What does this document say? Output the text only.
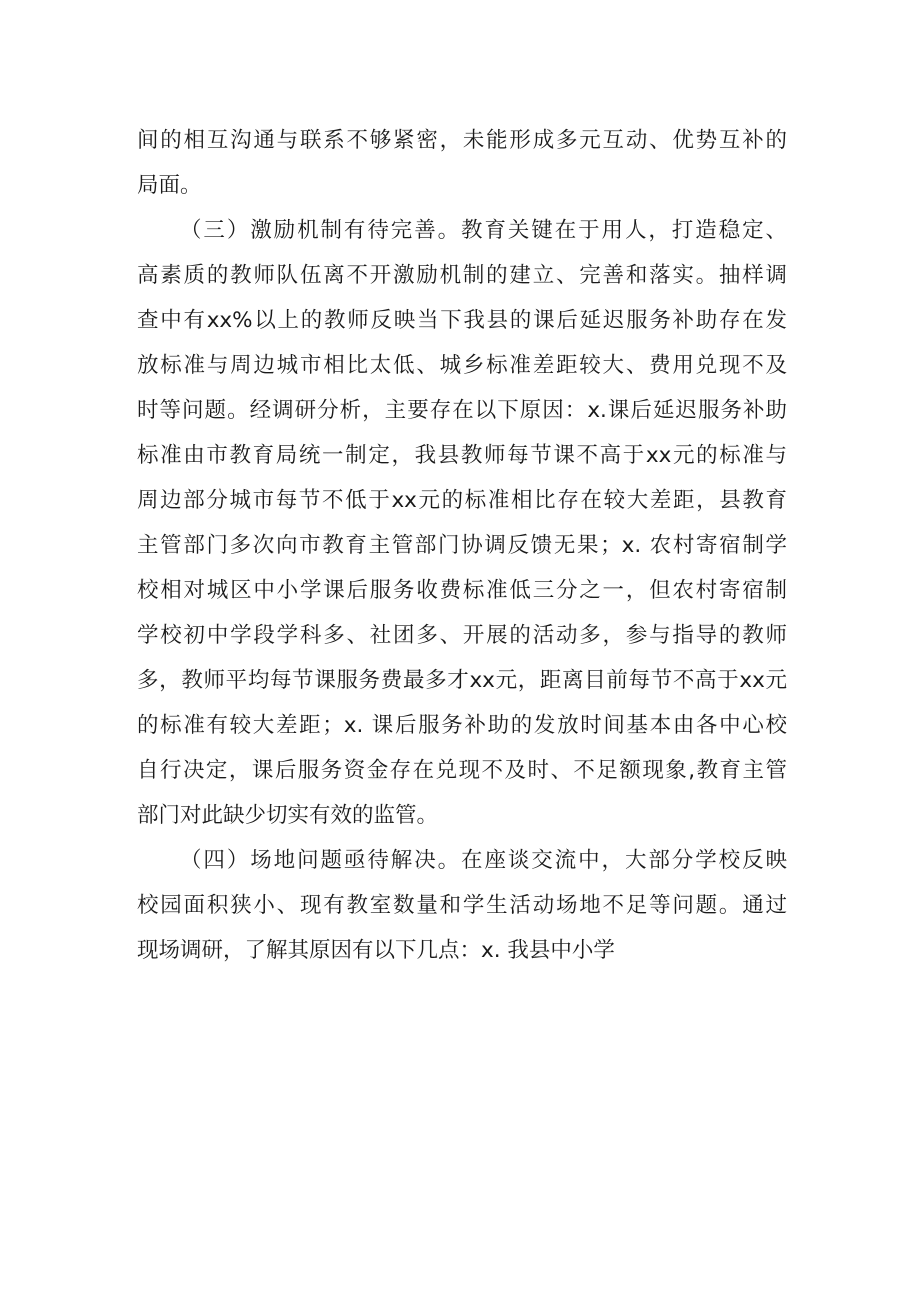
间的相互沟通与联系不够紧密，未能形成多元互动、优势互补的
局面。
（三）激励机制有待完善。教育关键在于用人，打造稳定、
高素质的教师队伍离不开激励机制的建立、完善和落实。抽样调
查中有xx%以上的教师反映当下我县的课后延迟服务补助存在发
放标准与周边城市相比太低、城乡标准差距较大、费用兑现不及
时等问题。经调研分析，主要存在以下原因：x.课后延迟服务补助
标准由市教育局统一制定，我县教师每节课不高于xx元的标准与
周边部分城市每节不低于xx元的标准相比存在较大差距，县教育
主管部门多次向市教育主管部门协调反馈无果；x. 农村寄宿制学
校相对城区中小学课后服务收费标准低三分之一，但农村寄宿制
学校初中学段学科多、社团多、开展的活动多，参与指导的教师
多，教师平均每节课服务费最多才xx元，距离目前每节不高于xx元
的标准有较大差距；x. 课后服务补助的发放时间基本由各中心校
自行决定，课后服务资金存在兑现不及时、不足额现象,教育主管
部门对此缺少切实有效的监管。
（四）场地问题亟待解决。在座谈交流中，大部分学校反映
校园面积狭小、现有教室数量和学生活动场地不足等问题。通过
现场调研，了解其原因有以下几点：x. 我县中小学
